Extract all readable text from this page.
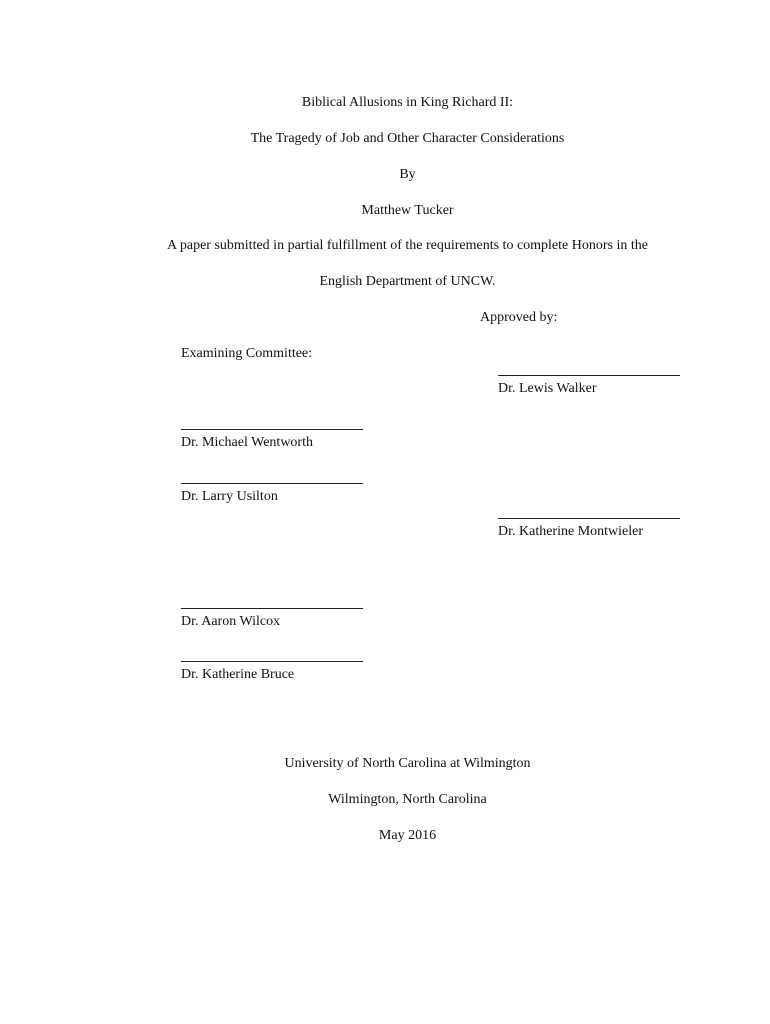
Biblical Allusions in King Richard II:
The Tragedy of Job and Other Character Considerations
By
Matthew Tucker
A paper submitted in partial fulfillment of the requirements to complete Honors in the
English Department of UNCW.
Approved by:
Examining Committee:
Dr. Lewis Walker
Dr. Katherine Montwieler
Dr. Michael Wentworth
Dr. Larry Usilton
Dr. Aaron Wilcox
Dr. Katherine Bruce
University of North Carolina at Wilmington
Wilmington, North Carolina
May 2016
